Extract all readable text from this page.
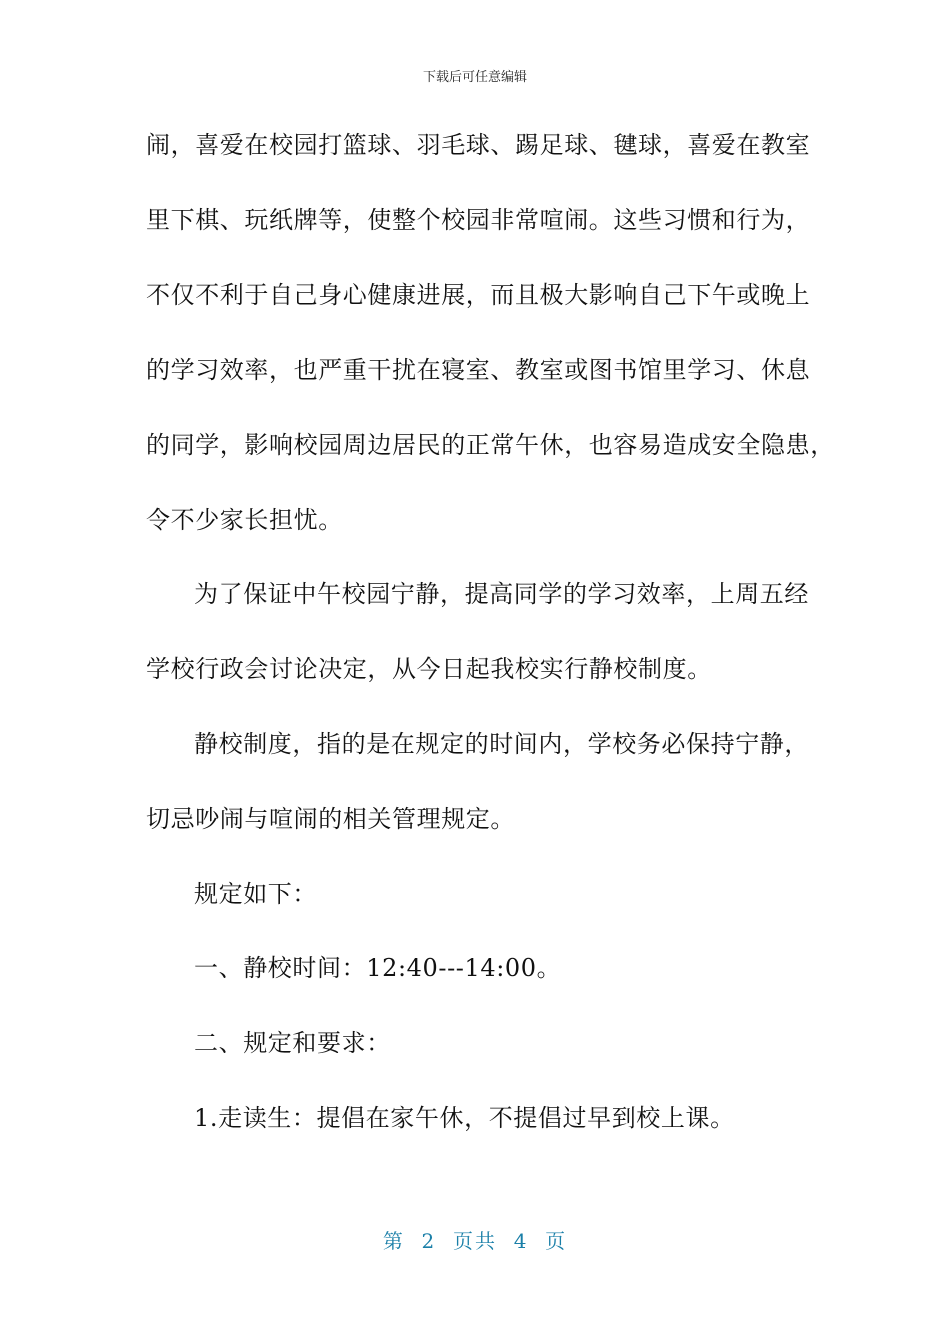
下载后可任意编辑
闹，喜爱在校园打篮球、羽毛球、踢足球、毽球，喜爱在教室
里下棋、玩纸牌等，使整个校园非常喧闹。这些习惯和行为，
不仅不利于自己身心健康进展，而且极大影响自己下午或晚上
的学习效率，也严重干扰在寝室、教室或图书馆里学习、休息
的同学，影响校园周边居民的正常午休，也容易造成安全隐患，
令不少家长担忧。
为了保证中午校园宁静，提高同学的学习效率，上周五经
学校行政会讨论决定，从今日起我校实行静校制度。
静校制度，指的是在规定的时间内，学校务必保持宁静，
切忌吵闹与喧闹的相关管理规定。
规定如下：
一、静校时间：12:40---14:00。
二、规定和要求：
1.走读生：提倡在家午休，不提倡过早到校上课。
第  2  页共  4  页
